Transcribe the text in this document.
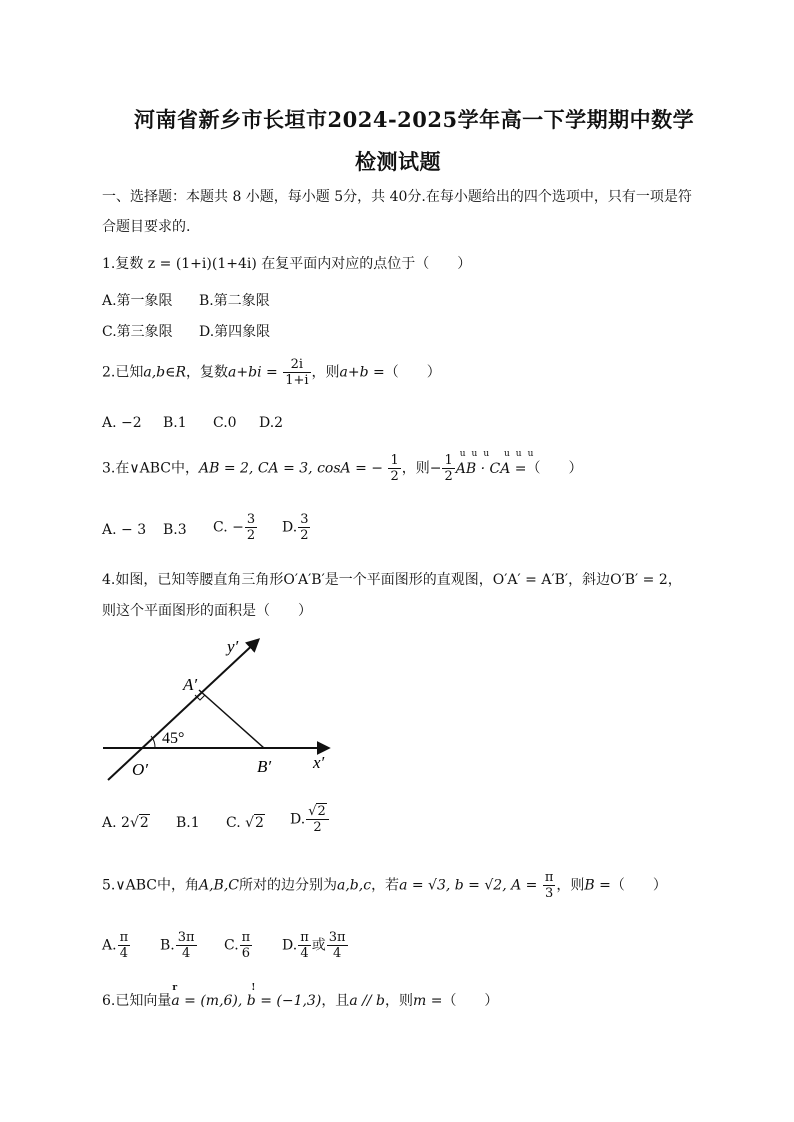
河南省新乡市长垣市2024-2025学年高一下学期期中数学
检测试题
一、选择题：本题共 8 小题，每小题 5分，共 40分.在每小题给出的四个选项中，只有一项是符
合题目要求的.
1.复数 z = (1+i)(1+4i) 在复平面内对应的点位于（　　）
A.第一象限 B.第二象限
C.第三象限 D.第四象限
2.已知a,b∈R，复数$a+bi = \frac{2i}{1+i}$ ，则a+b =（　　）
A. −2 B.1 C.0 D.2
3.在∨ABC中，AB = 2, CA = 3, cosA = − $\frac{1}{2}$ ，则− $\frac{1}{2}$ uuu uuu
AB · CA =（　　）
A. − 3 B.3 C. − $\frac{3}{2} D$. $\frac{3}{2}$
4.如图，已知等腰直角三角形O′A′B′是一个平面图形的直观图，O′A′ = A′B′，斜边O′B′ = 2，
则这个平面图形的面积是（　　）
y′
A′
45°
O′	B′ x′
A. 2√2 B.1 C. √2 D. $\frac{√2}{2}$
5.∨ABC中，角A,B,C所对的边分别为a,b,c，若a = √3, b = √2, $A = \frac{\pi}{3}$ ，则B =（　　）
A. $\frac{\pi}{4} B$. $\frac{3\pi}{4} C$. $\frac{\pi}{6} D$. $\frac{\pi}{4}$ 或 $\frac{3\pi}{4}$
6.已知向量
r	!
a = (m,6), b = (−1,3)，且a // b，则m =（　　）
